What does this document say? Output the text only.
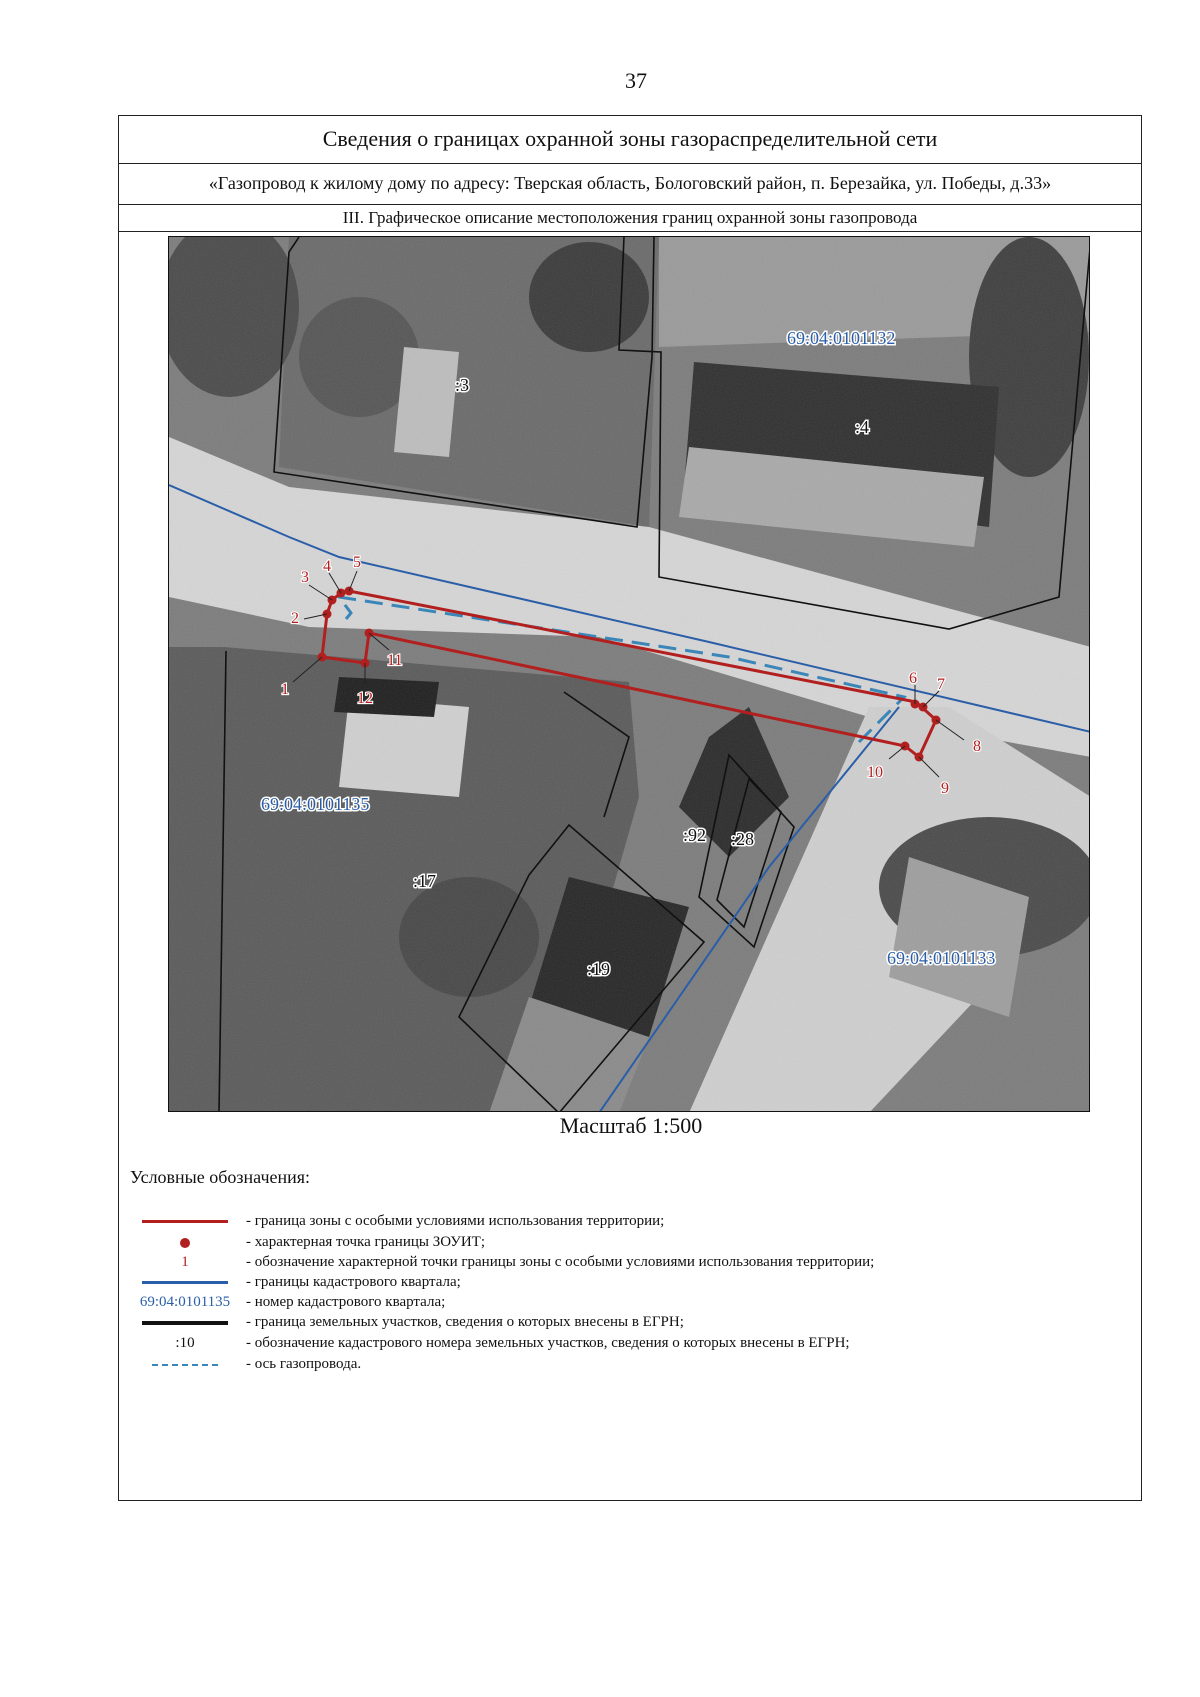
37
Сведения о границах охранной зоны газораспределительной сети
«Газопровод к жилому дому по адресу: Тверская область, Бологовский район, п. Березайка, ул. Победы, д.33»
III. Графическое описание местоположения границ охранной зоны газопровода
1
2
3
4 5
6 7
8
9
10
11
12
69:04:0101132
69:04:0101135
69:04:0101133
:3
:4
:92 :28
:17
:19
Масштаб 1:500
Условные обозначения:
- граница зоны с особыми условиями использования территории;
- характерная точка границы ЗОУИТ;
1	- обозначение характерной точки границы зоны с особыми условиями использования территории;
- границы кадастрового квартала;
69:04:0101135 - номер кадастрового квартала;
- граница земельных участков, сведения о которых внесены в ЕГРН;
:10	- обозначение кадастрового номера земельных участков, сведения о которых внесены в ЕГРН;
- ось газопровода.
